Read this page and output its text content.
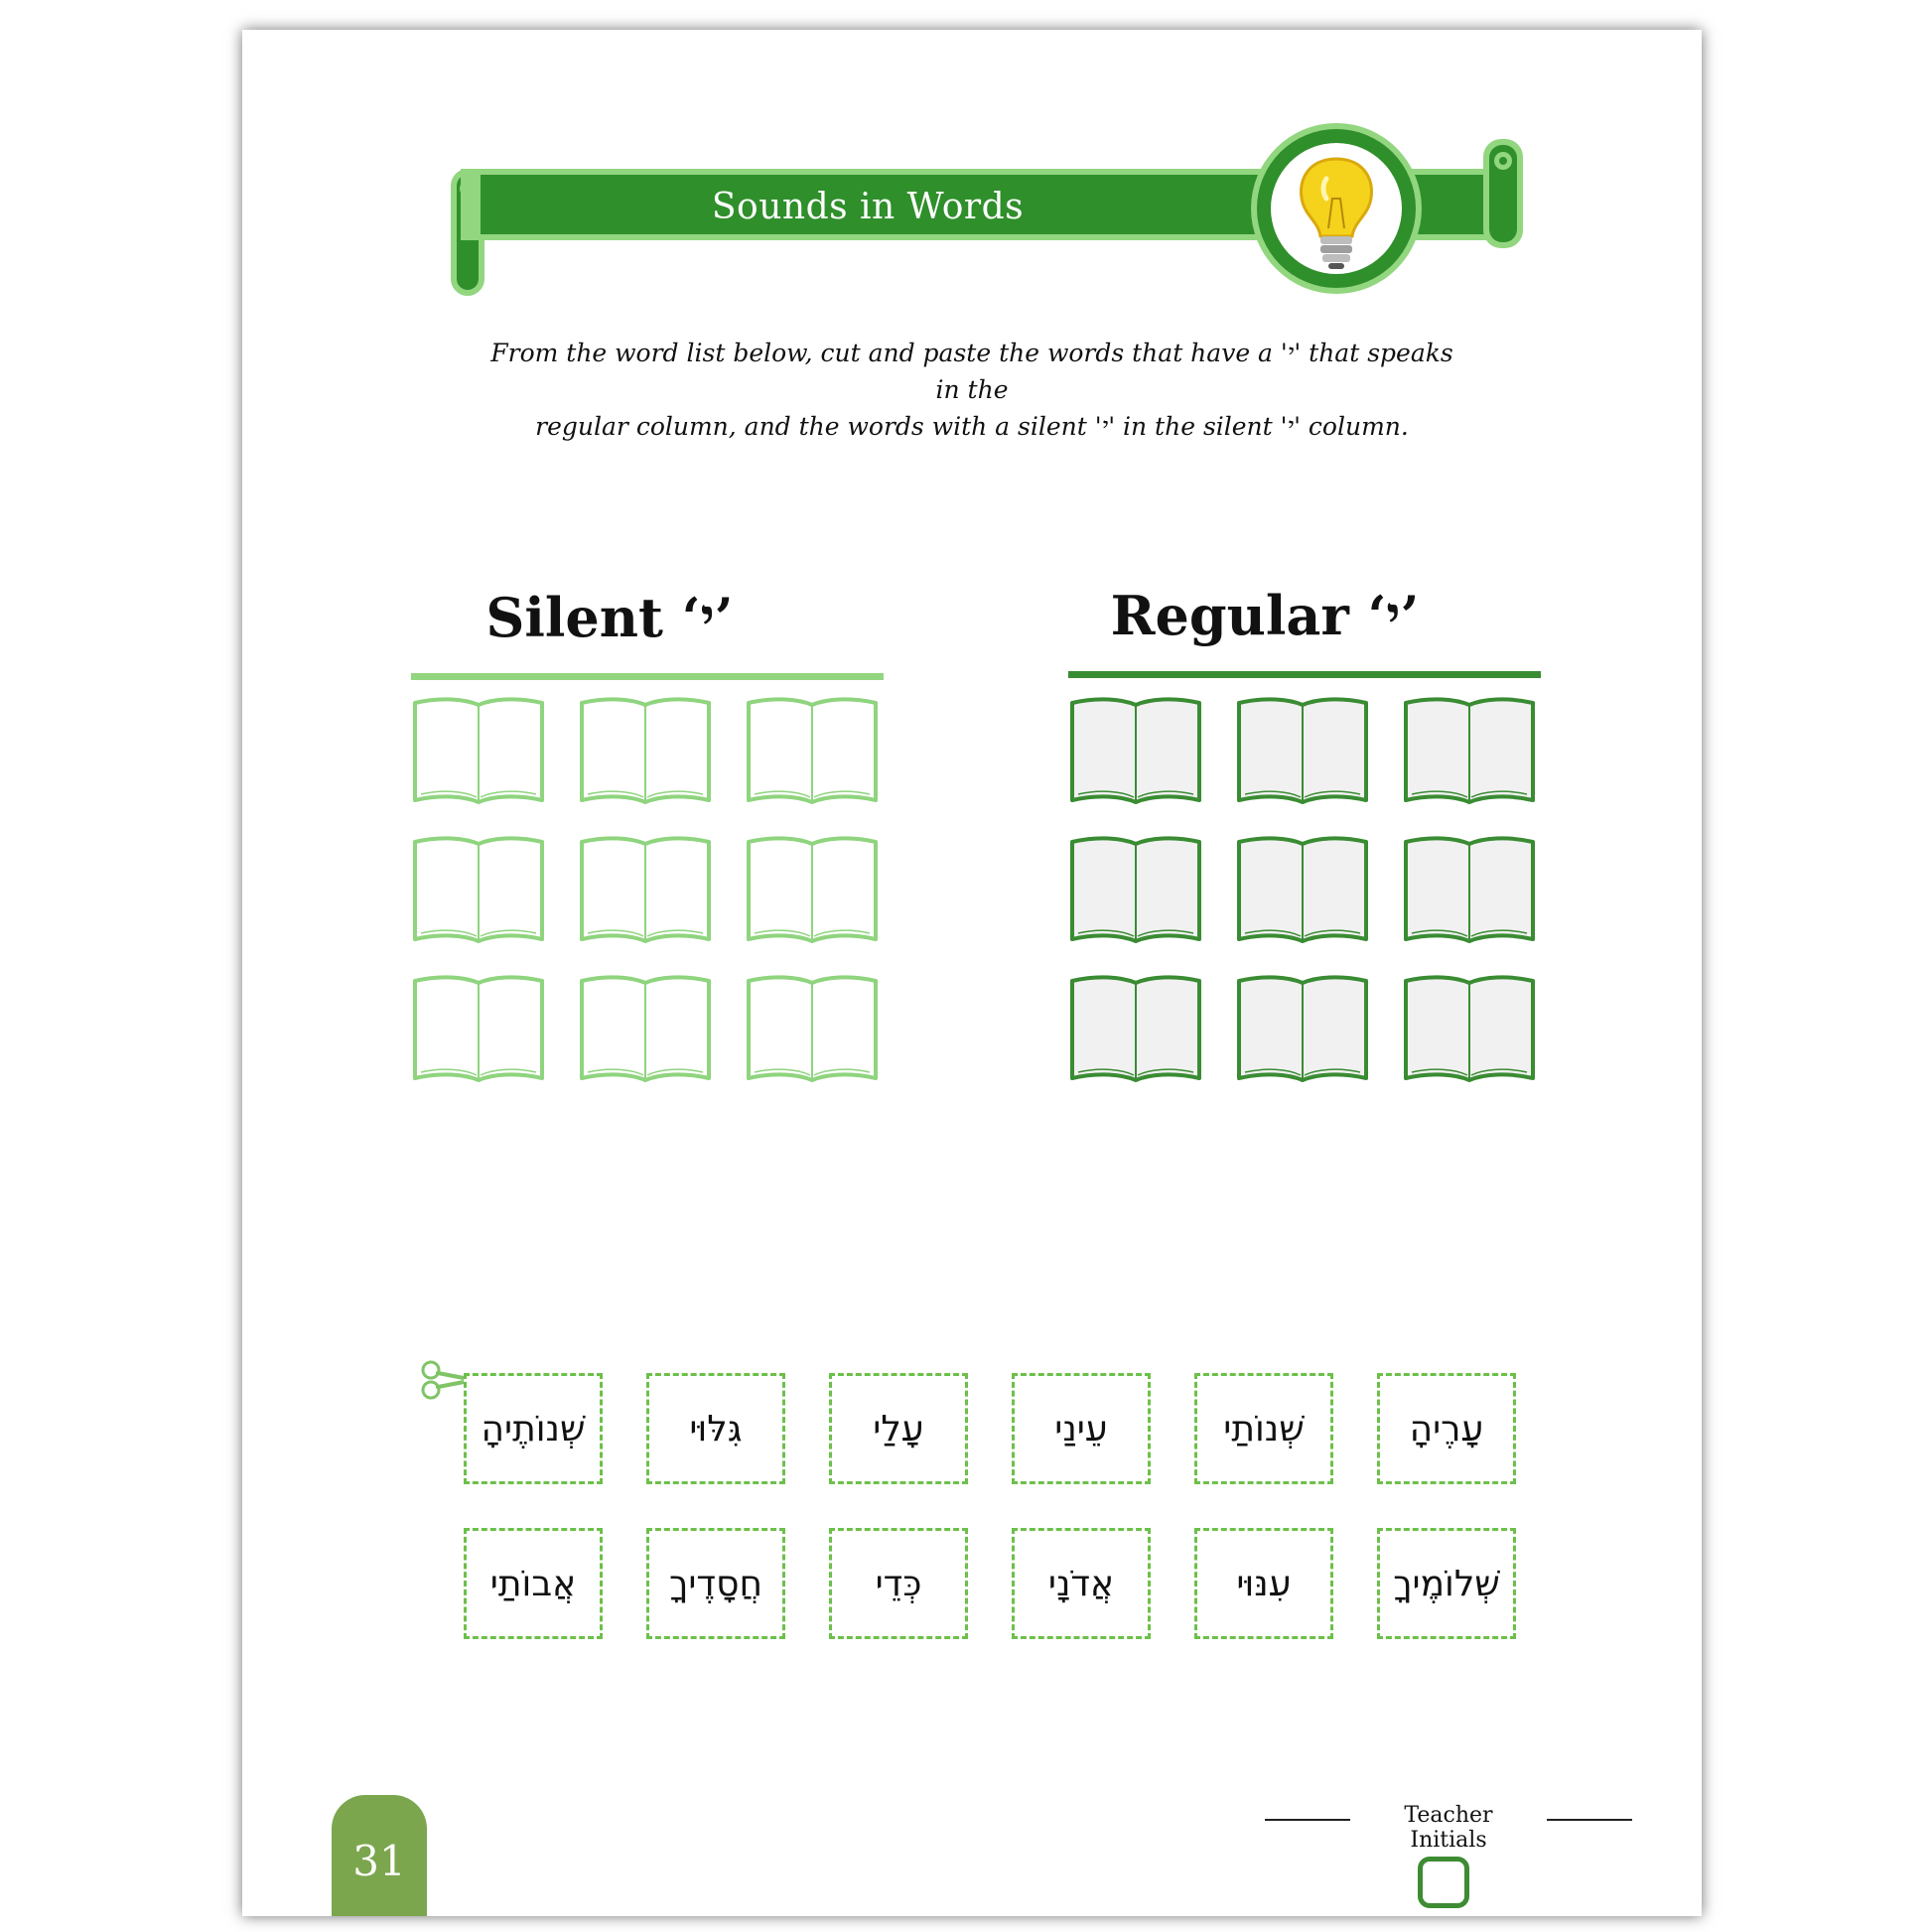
Sounds in Words
From the word list below, cut and paste the words that have a 'י' that speaks in the
regular column, and the words with a silent 'י' in the silent 'י' column.
Silent ‘י’	Regular ‘י’
שְׁנוֹתֶיהָ	גִּלּוּי	עָלַי	עֵינַי	שְׁנוֹתַי	עָרֶיהָ
אֲבוֹתַי	חֲסָדֶיךָ	כְּדֵי	אֲדֹנָי	עִנּוּי	שְׁלוֹמֶיךָ
31
Teacher Initials
